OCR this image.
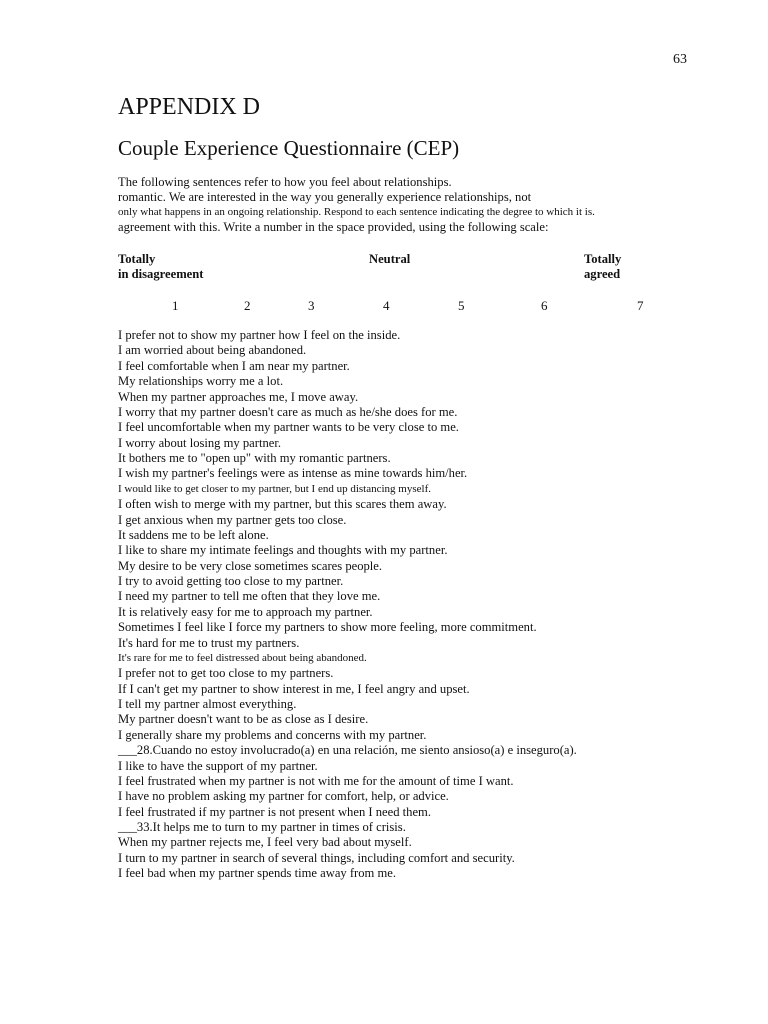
63
APPENDIX D
Couple Experience Questionnaire (CEP)
The following sentences refer to how you feel about relationships.
romantic. We are interested in the way you generally experience relationships, not
only what happens in an ongoing relationship. Respond to each sentence indicating the degree to which it is.
agreement with this. Write a number in the space provided, using the following scale:
Totally
in disagreement
Neutral	Totally
agreed
1	2	3	4	5	6	7
I prefer not to show my partner how I feel on the inside.
I am worried about being abandoned.
I feel comfortable when I am near my partner.
My relationships worry me a lot.
When my partner approaches me, I move away.
I worry that my partner doesn't care as much as he/she does for me.
I feel uncomfortable when my partner wants to be very close to me.
I worry about losing my partner.
It bothers me to "open up" with my romantic partners.
I wish my partner's feelings were as intense as mine towards him/her.
I would like to get closer to my partner, but I end up distancing myself.
I often wish to merge with my partner, but this scares them away.
I get anxious when my partner gets too close.
It saddens me to be left alone.
I like to share my intimate feelings and thoughts with my partner.
My desire to be very close sometimes scares people.
I try to avoid getting too close to my partner.
I need my partner to tell me often that they love me.
It is relatively easy for me to approach my partner.
Sometimes I feel like I force my partners to show more feeling, more commitment.
It's hard for me to trust my partners.
It's rare for me to feel distressed about being abandoned.
I prefer not to get too close to my partners.
If I can't get my partner to show interest in me, I feel angry and upset.
I tell my partner almost everything.
My partner doesn't want to be as close as I desire.
I generally share my problems and concerns with my partner.
___28.Cuando no estoy involucrado(a) en una relación, me siento ansioso(a) e inseguro(a).
I like to have the support of my partner.
I feel frustrated when my partner is not with me for the amount of time I want.
I have no problem asking my partner for comfort, help, or advice.
I feel frustrated if my partner is not present when I need them.
___33.It helps me to turn to my partner in times of crisis.
When my partner rejects me, I feel very bad about myself.
I turn to my partner in search of several things, including comfort and security.
I feel bad when my partner spends time away from me.
